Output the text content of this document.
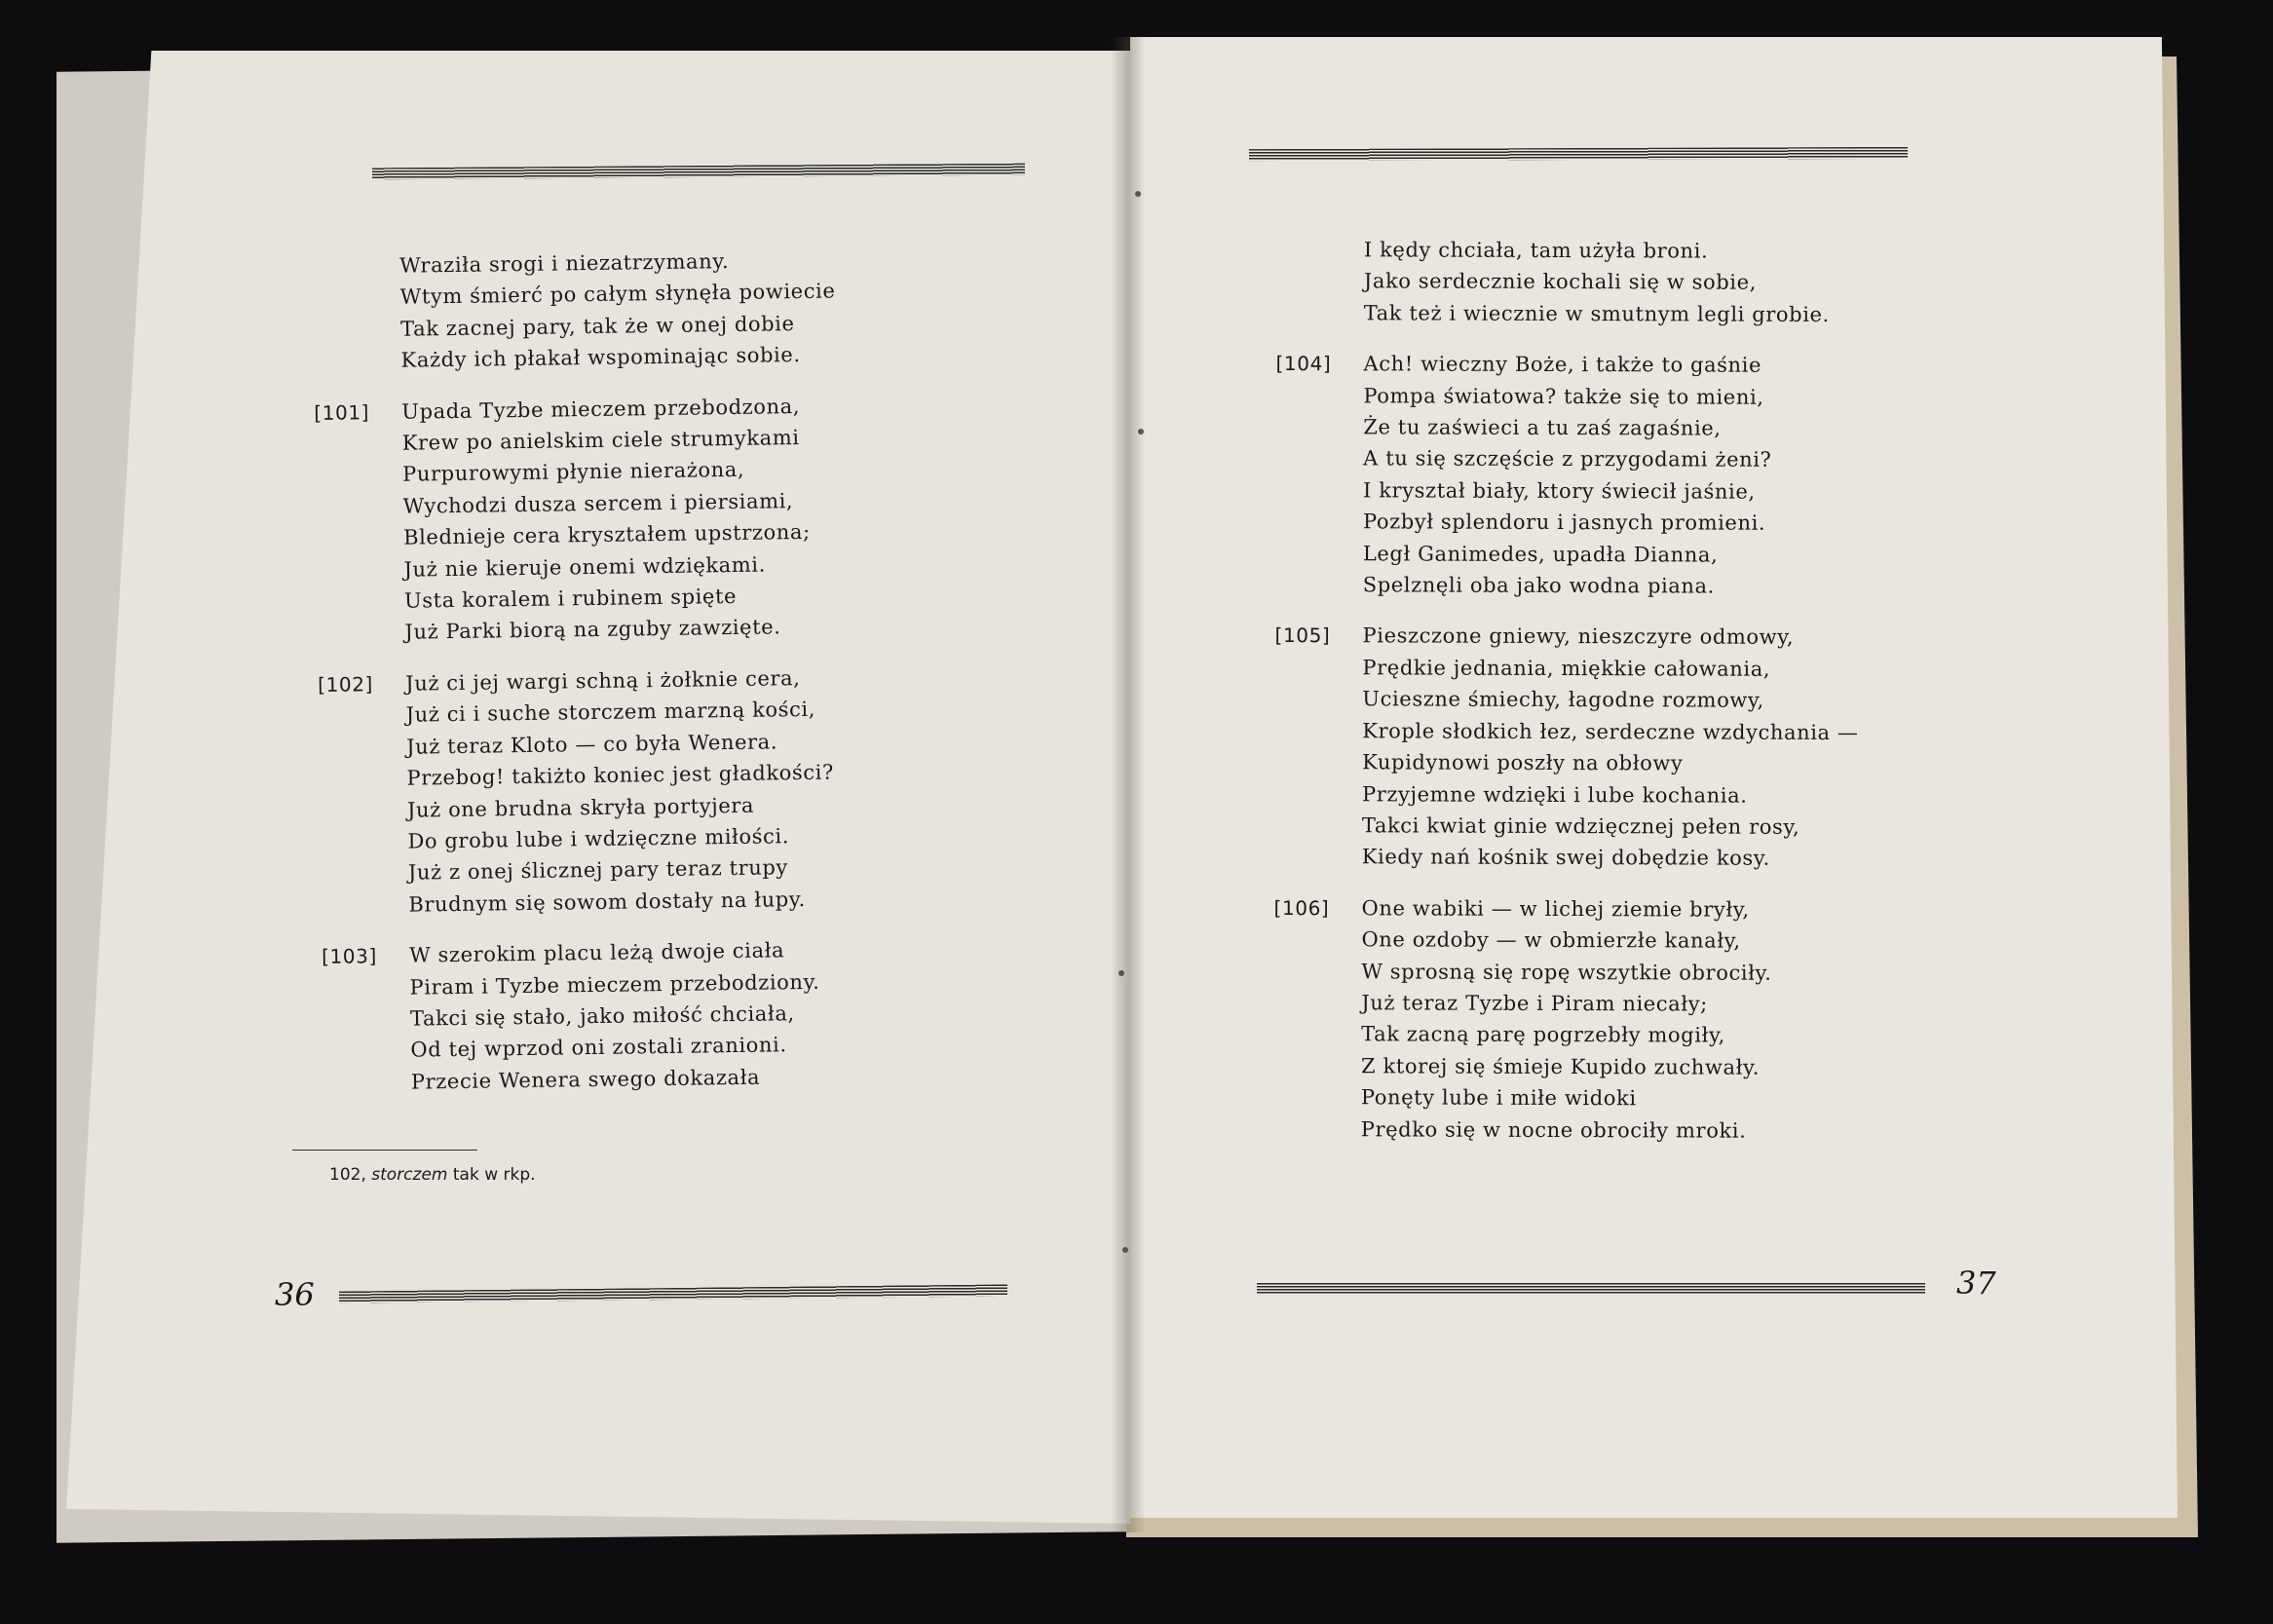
Wraziła srogi i niezatrzymany.
Wtym śmierć po całym słynęła powiecie
Tak zacnej pary, tak że w onej dobie
Każdy ich płakał wspominając sobie.
[101]	Upada Tyzbe mieczem przebodzona,
Krew po anielskim ciele strumykami
Purpurowymi płynie nierażona,
Wychodzi dusza sercem i piersiami,
Blednieje cera kryształem upstrzona;
Już nie kieruje onemi wdziękami.
Usta koralem i rubinem spięte
Już Parki biorą na zguby zawzięte.
[102]	Już ci jej wargi schną i żołknie cera,
Już ci i suche storczem marzną kości,
Już teraz Kloto — co była Wenera.
Przebog! takiżto koniec jest gładkości?
Już one brudna skryła portyjera
Do grobu lube i wdzięczne miłości.
Już z onej ślicznej pary teraz trupy
Brudnym się sowom dostały na łupy.
[103]	W szerokim placu leżą dwoje ciała
Piram i Tyzbe mieczem przebodziony.
Takci się stało, jako miłość chciała,
Od tej wprzod oni zostali zranioni.
Przecie Wenera swego dokazała
I kędy chciała, tam użyła broni.
Jako serdecznie kochali się w sobie,
Tak też i wiecznie w smutnym legli grobie.
[104]	Ach! wieczny Boże, i także to gaśnie
Pompa światowa? także się to mieni,
Że tu zaświeci a tu zaś zagaśnie,
A tu się szczęście z przygodami żeni?
I kryształ biały, ktory świecił jaśnie,
Pozbył splendoru i jasnych promieni.
Legł Ganimedes, upadła Dianna,
Spelznęli oba jako wodna piana.
[105]	Pieszczone gniewy, nieszczyre odmowy,
Prędkie jednania, miękkie całowania,
Ucieszne śmiechy, łagodne rozmowy,
Krople słodkich łez, serdeczne wzdychania —
Kupidynowi poszły na obłowy
Przyjemne wdzięki i lube kochania.
Takci kwiat ginie wdzięcznej pełen rosy,
Kiedy nań kośnik swej dobędzie kosy.
[106]	One wabiki — w lichej ziemie bryły,
One ozdoby — w obmierzłe kanały,
W sprosną się ropę wszytkie obrociły.
Już teraz Tyzbe i Piram niecały;
Tak zacną parę pogrzebły mogiły,
Z ktorej się śmieje Kupido zuchwały.
Ponęty lube i miłe widoki
Prędko się w nocne obrociły mroki.
102, storczem tak w rkp.
36	37
